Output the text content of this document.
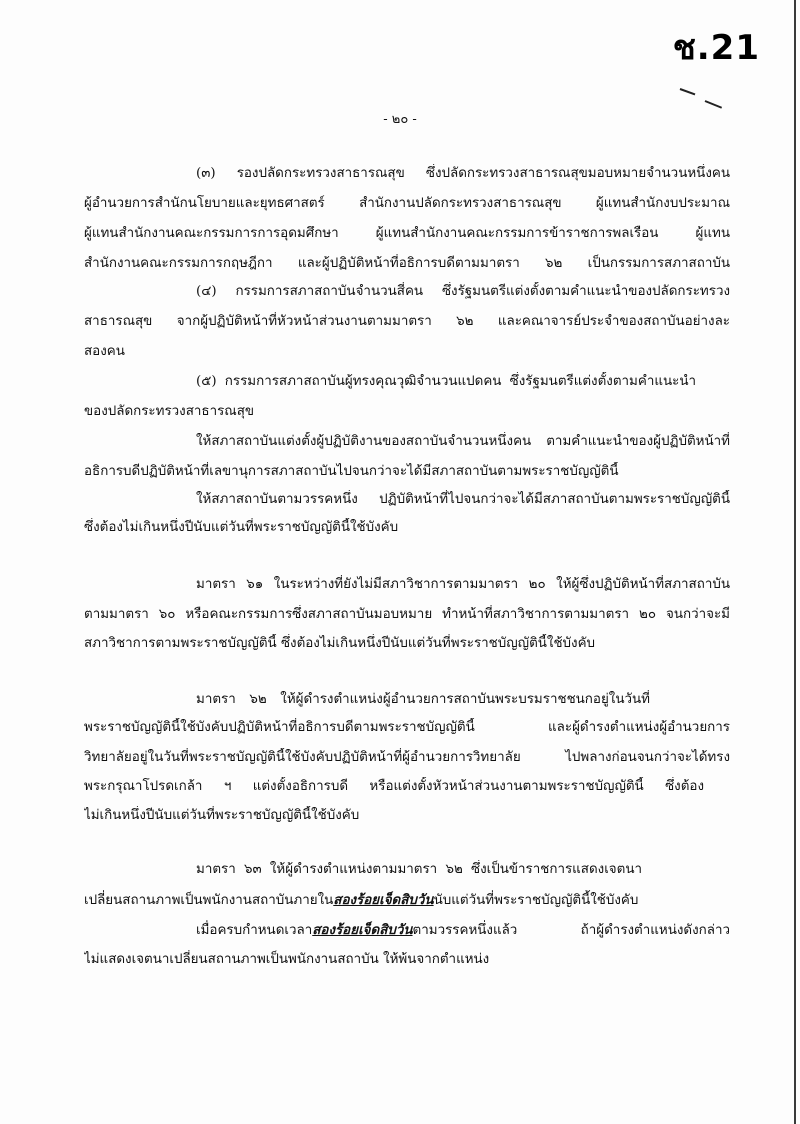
ช.21
- ๒๐ -
(๓) รองปลัดกระทรวงสาธารณสุข ซึ่งปลัดกระทรวงสาธารณสุขมอบหมายจำนวนหนึ่งคน
ผู้อำนวยการสำนักนโยบายและยุทธศาสตร์ สำนักงานปลัดกระทรวงสาธารณสุข ผู้แทนสำนักงบประมาณ
ผู้แทนสำนักงานคณะกรรมการการอุดมศึกษา ผู้แทนสำนักงานคณะกรรมการข้าราชการพลเรือน ผู้แทน
สำนักงานคณะกรรมการกฤษฎีกา และผู้ปฏิบัติหน้าที่อธิการบดีตามมาตรา ๖๒ เป็นกรรมการสภาสถาบัน
(๔) กรรมการสภาสถาบันจำนวนสี่คน ซึ่งรัฐมนตรีแต่งตั้งตามคำแนะนำของปลัดกระทรวง
สาธารณสุข จากผู้ปฏิบัติหน้าที่หัวหน้าส่วนงานตามมาตรา ๖๒ และคณาจารย์ประจำของสถาบันอย่างละ
สองคน
(๕) กรรมการสภาสถาบันผู้ทรงคุณวุฒิจำนวนแปดคน ซึ่งรัฐมนตรีแต่งตั้งตามคำแนะนำ
ของปลัดกระทรวงสาธารณสุข
ให้สภาสถาบันแต่งตั้งผู้ปฏิบัติงานของสถาบันจำนวนหนึ่งคน ตามคำแนะนำของผู้ปฏิบัติหน้าที่
อธิการบดีปฏิบัติหน้าที่เลขานุการสภาสถาบันไปจนกว่าจะได้มีสภาสถาบันตามพระราชบัญญัตินี้
ให้สภาสถาบันตามวรรคหนึ่ง ปฏิบัติหน้าที่ไปจนกว่าจะได้มีสภาสถาบันตามพระราชบัญญัตินี้
ซึ่งต้องไม่เกินหนึ่งปีนับแต่วันที่พระราชบัญญัตินี้ใช้บังคับ
มาตรา ๖๑ ในระหว่างที่ยังไม่มีสภาวิชาการตามมาตรา ๒๐ ให้ผู้ซึ่งปฏิบัติหน้าที่สภาสถาบัน
ตามมาตรา ๖๐ หรือคณะกรรมการซึ่งสภาสถาบันมอบหมาย ทำหน้าที่สภาวิชาการตามมาตรา ๒๐ จนกว่าจะมี
สภาวิชาการตามพระราชบัญญัตินี้ ซึ่งต้องไม่เกินหนึ่งปีนับแต่วันที่พระราชบัญญัตินี้ใช้บังคับ
มาตรา ๖๒ ให้ผู้ดำรงตำแหน่งผู้อำนวยการสถาบันพระบรมราชชนกอยู่ในวันที่
พระราชบัญญัตินี้ใช้บังคับปฏิบัติหน้าที่อธิการบดีตามพระราชบัญญัตินี้ และผู้ดำรงตำแหน่งผู้อำนวยการ
วิทยาลัยอยู่ในวันที่พระราชบัญญัตินี้ใช้บังคับปฏิบัติหน้าที่ผู้อำนวยการวิทยาลัย ไปพลางก่อนจนกว่าจะได้ทรง
พระกรุณาโปรดเกล้า ฯ แต่งตั้งอธิการบดี หรือแต่งตั้งหัวหน้าส่วนงานตามพระราชบัญญัตินี้ ซึ่งต้อง
ไม่เกินหนึ่งปีนับแต่วันที่พระราชบัญญัตินี้ใช้บังคับ
มาตรา ๖๓ ให้ผู้ดำรงตำแหน่งตามมาตรา ๖๒ ซึ่งเป็นข้าราชการแสดงเจตนา
เปลี่ยนสถานภาพเป็นพนักงานสถาบันภายในสองร้อยเจ็ดสิบวันนับแต่วันที่พระราชบัญญัตินี้ใช้บังคับ
เมื่อครบกำหนดเวลาสองร้อยเจ็ดสิบวันตามวรรคหนึ่งแล้ว ถ้าผู้ดำรงตำแหน่งดังกล่าว
ไม่แสดงเจตนาเปลี่ยนสถานภาพเป็นพนักงานสถาบัน ให้พ้นจากตำแหน่ง
